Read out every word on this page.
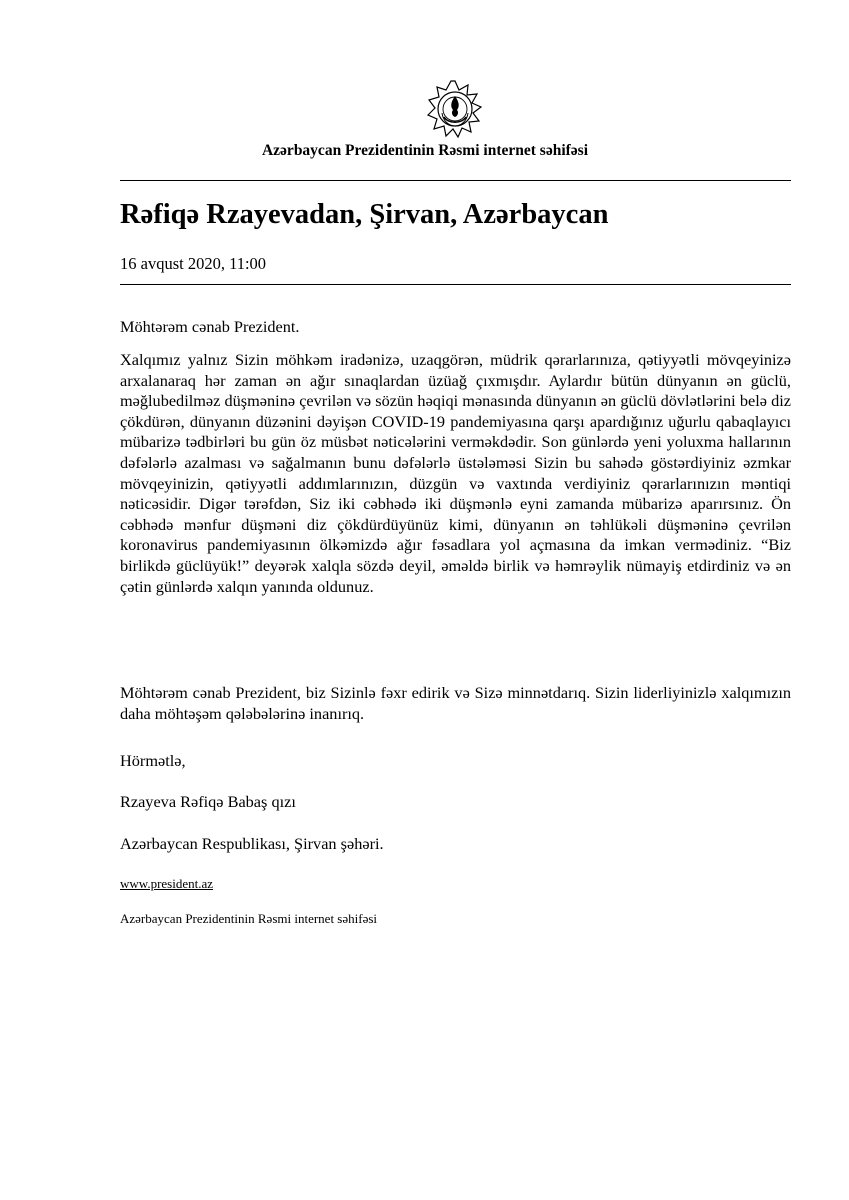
Azərbaycan Prezidentinin Rəsmi internet səhifəsi
Rəfiqə Rzayevadan, Şirvan, Azərbaycan
16 avqust 2020, 11:00

Möhtərəm cənab Prezident.

Xalqımız yalnız Sizin möhkəm iradənizə, uzaqgörən, müdrik qərarlarınıza, qətiyyətli mövqeyinizə arxalanaraq hər zaman ən ağır sınaqlardan üzüağ çıxmışdır. Aylardır bütün dünyanın ən güclü, məğlubedilməz düşməninə çevrilən və sözün həqiqi mənasında dünyanın ən güclü dövlətlərini belə diz çökdürən, dünyanın düzənini dəyişən COVID-19 pandemiyasına qarşı apardığınız uğurlu qabaqlayıcı mübarizə tədbirləri bu gün öz müsbət nəticələrini verməkdədir. Son günlərdə yeni yoluxma hallarının dəfələrlə azalması və sağalmanın bunu dəfələrlə üstələməsi Sizin bu sahədə göstərdiyiniz əzmkar mövqeyinizin, qətiyyətli addımlarınızın, düzgün və vaxtında verdiyiniz qərarlarınızın məntiqi nəticəsidir. Digər tərəfdən, Siz iki cəbhədə iki düşmənlə eyni zamanda mübarizə aparırsınız. Ön cəbhədə mənfur düşməni diz çökdürdüyünüz kimi, dünyanın ən təhlükəli düşməninə çevrilən koronavirus pandemiyasının ölkəmizdə ağır fəsadlara yol açmasına da imkan vermədiniz. “Biz birlikdə güclüyük!” deyərək xalqla sözdə deyil, əməldə birlik və həmrəylik nümayiş etdirdiniz və ən çətin günlərdə xalqın yanında oldunuz.

Möhtərəm cənab Prezident, biz Sizinlə fəxr edirik və Sizə minnətdarıq. Sizin liderliyinizlə xalqımızın daha möhtəşəm qələbələrinə inanırıq.

Hörmətlə,

Rzayeva Rəfiqə Babaş qızı

Azərbaycan Respublikası, Şirvan şəhəri.

www.president.az
Azərbaycan Prezidentinin Rəsmi internet səhifəsi
